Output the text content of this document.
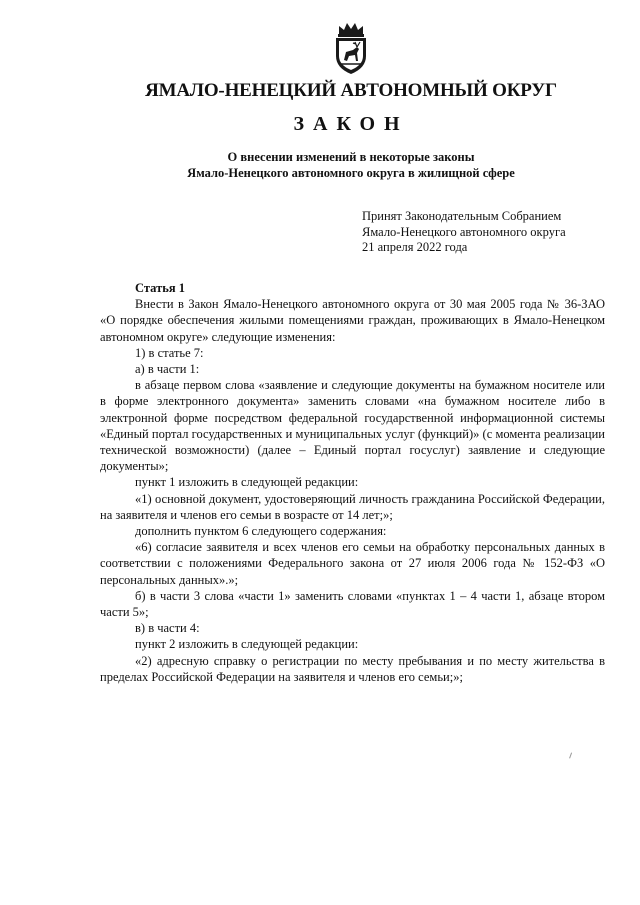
ЯМАЛО-НЕНЕЦКИЙ АВТОНОМНЫЙ ОКРУГ
ЗАКОН
О внесении изменений в некоторые законы
Ямало-Ненецкого автономного округа в жилищной сфере
Принят Законодательным Собранием
Ямало-Ненецкого автономного округа
21 апреля 2022 года

Статья 1

Внести в Закон Ямало-Ненецкого автономного округа от 30 мая 2005 года № 36-ЗАО «О порядке обеспечения жилыми помещениями граждан, проживающих в Ямало-Ненецком автономном округе» следующие изменения:

1) в статье 7:

а) в части 1:

в абзаце первом слова «заявление и следующие документы на бумажном носителе или в форме электронного документа» заменить словами «на бумажном носителе либо в электронной форме посредством федеральной государственной информационной системы «Единый портал государственных и муниципальных услуг (функций)» (с момента реализации технической возможности) (далее – Единый портал госуслуг) заявление и следующие документы»;

пункт 1 изложить в следующей редакции:

«1) основной документ, удостоверяющий личность гражданина Российской Федерации, на заявителя и членов его семьи в возрасте от 14 лет;»;

дополнить пунктом 6 следующего содержания:

«6) согласие заявителя и всех членов его семьи на обработку персональных данных в соответствии с положениями Федерального закона от 27 июля 2006 года № 152-ФЗ «О персональных данных».»;

б) в части 3 слова «части 1» заменить словами «пунктах 1 – 4 части 1, абзаце втором части 5»;

в) в части 4:

пункт 2 изложить в следующей редакции:

«2) адресную справку о регистрации по месту пребывания и по месту жительства в пределах Российской Федерации на заявителя и членов его семьи;»;
